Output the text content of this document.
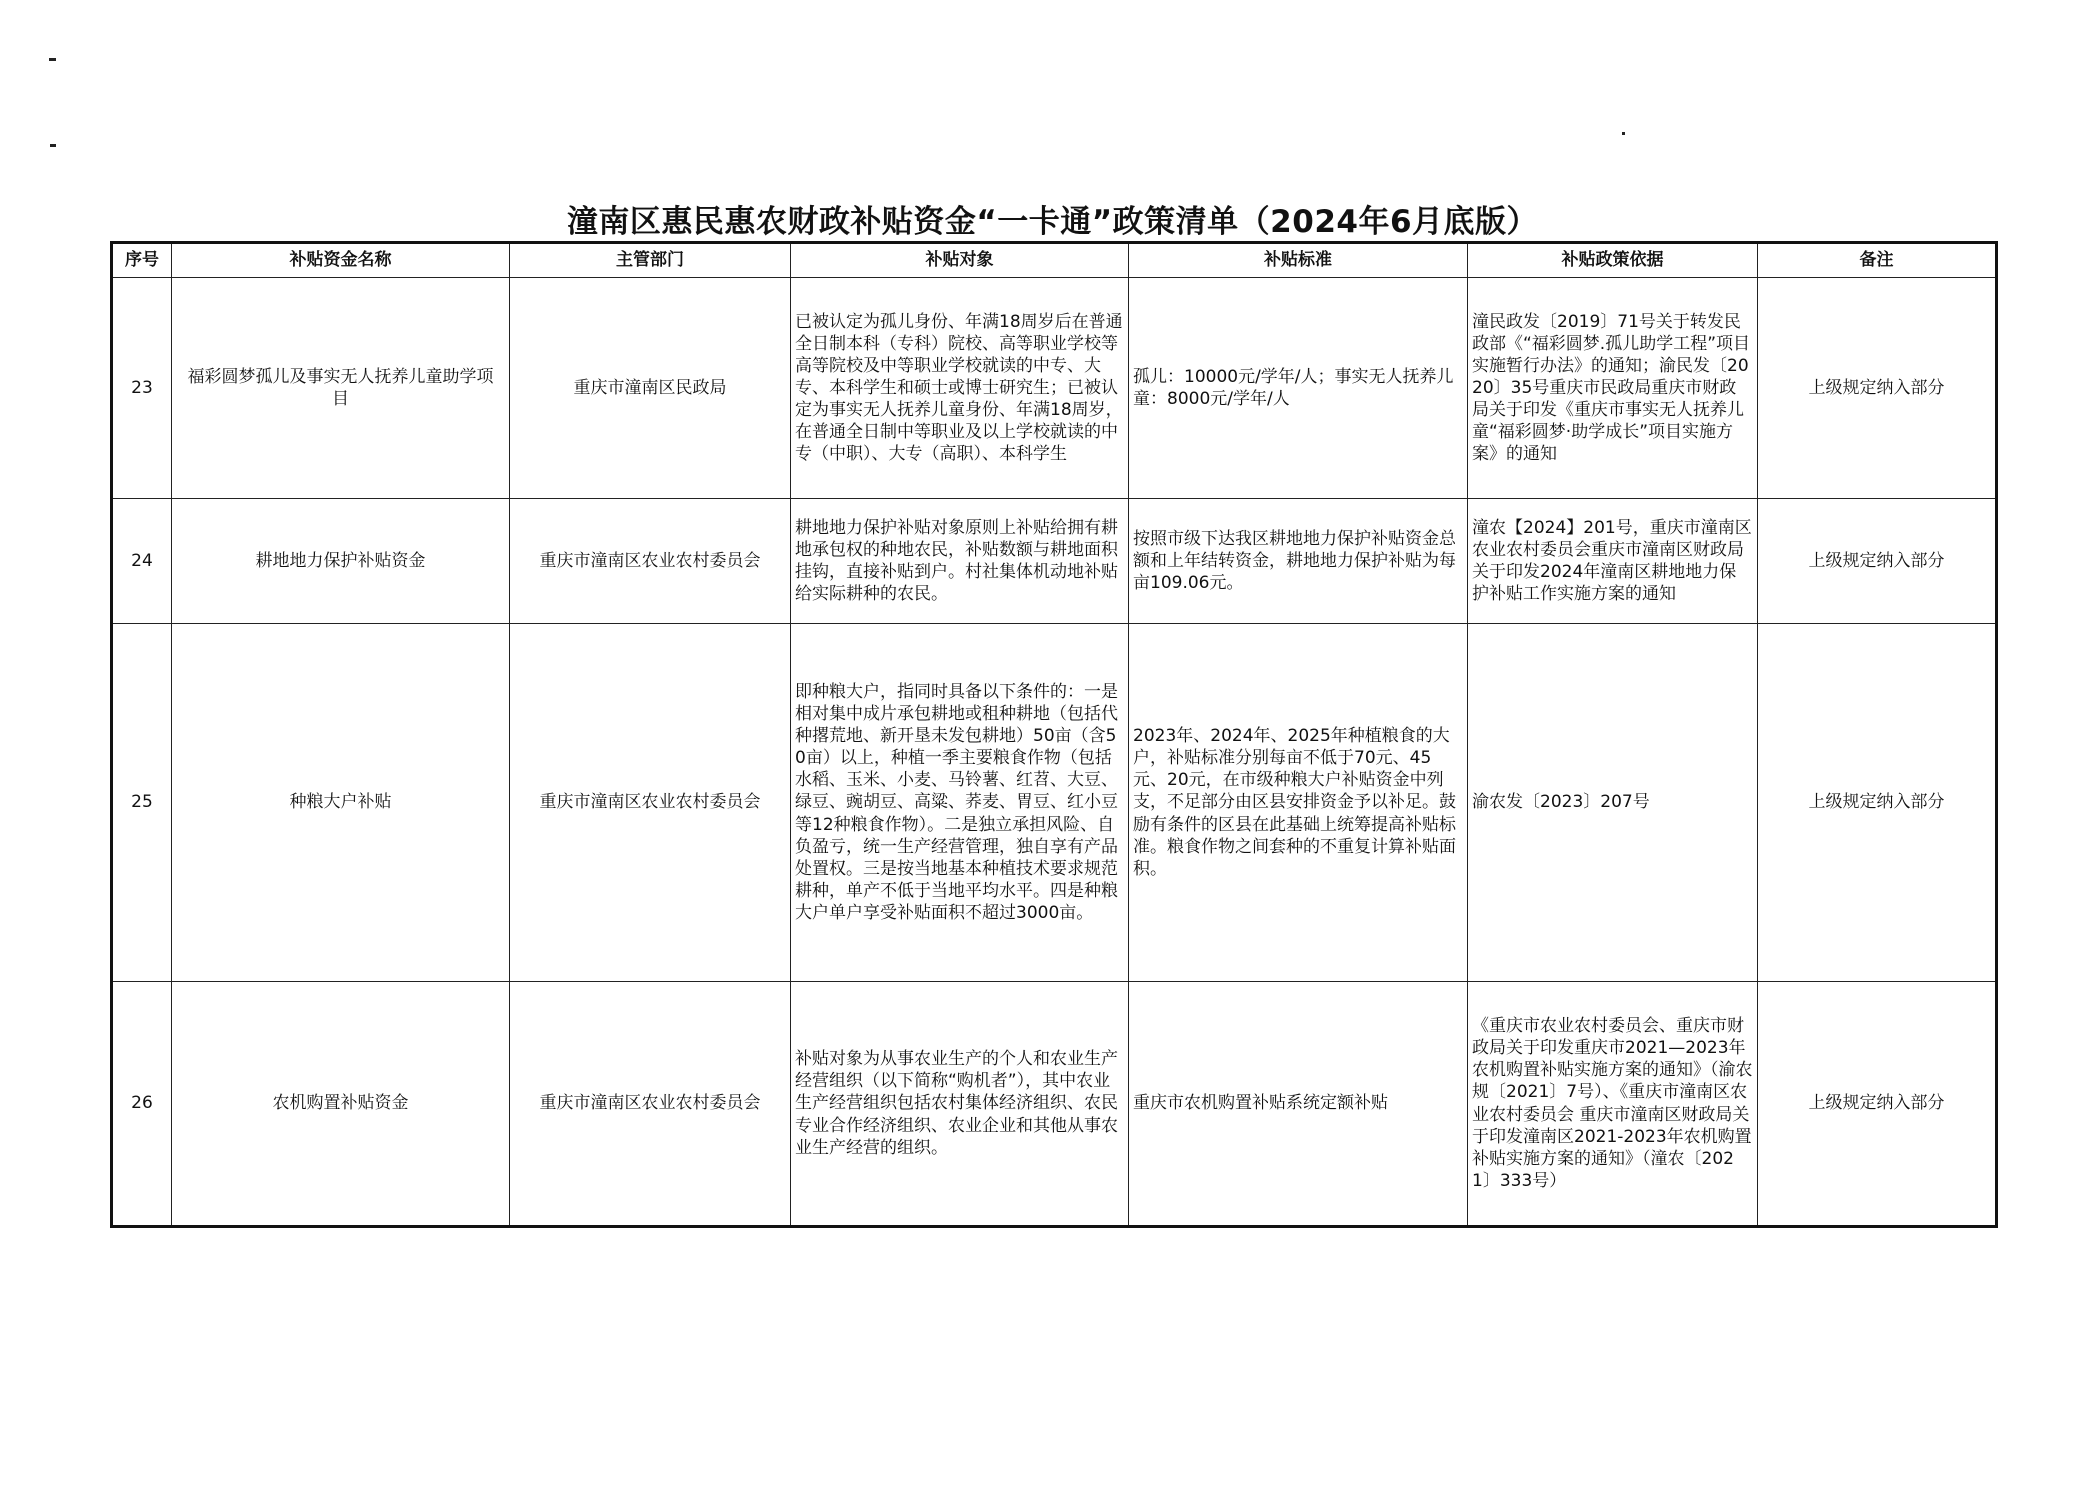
潼南区惠民惠农财政补贴资金“一卡通”政策清单（2024年6月底版）
序号	补贴资金名称	主管部门	补贴对象	补贴标准	补贴政策依据	备注
23	福彩圆梦孤儿及事实无人抚养儿童助学项目	重庆市潼南区民政局	已被认定为孤儿身份、年满18周岁后在普通全日制本科（专科）院校、高等职业学校等高等院校及中等职业学校就读的中专、大专、本科学生和硕士或博士研究生；已被认定为事实无人抚养儿童身份、年满18周岁，在普通全日制中等职业及以上学校就读的中专（中职）、大专（高职）、本科学生	孤儿：10000元/学年/人；事实无人抚养儿童：8000元/学年/人	潼民政发〔2019〕71号关于转发民政部《“福彩圆梦.孤儿助学工程”项目实施暂行办法》的通知；渝民发〔2020〕35号重庆市民政局重庆市财政局关于印发《重庆市事实无人抚养儿童“福彩圆梦·助学成长”项目实施方案》的通知	上级规定纳入部分
24	耕地地力保护补贴资金	重庆市潼南区农业农村委员会	耕地地力保护补贴对象原则上补贴给拥有耕地承包权的种地农民，补贴数额与耕地面积挂钩，直接补贴到户。村社集体机动地补贴给实际耕种的农民。	按照市级下达我区耕地地力保护补贴资金总额和上年结转资金，耕地地力保护补贴为每亩109.06元。	潼农【2024】201号，重庆市潼南区农业农村委员会重庆市潼南区财政局关于印发2024年潼南区耕地地力保护补贴工作实施方案的通知	上级规定纳入部分
25	种粮大户补贴	重庆市潼南区农业农村委员会	即种粮大户，指同时具备以下条件的：一是相对集中成片承包耕地或租种耕地（包括代种撂荒地、新开垦未发包耕地）50亩（含50亩）以上，种植一季主要粮食作物（包括水稻、玉米、小麦、马铃薯、红苕、大豆、绿豆、豌胡豆、高粱、荞麦、胃豆、红小豆等12种粮食作物）。二是独立承担风险、自负盈亏，统一生产经营管理，独自享有产品处置权。三是按当地基本种植技术要求规范耕种，单产不低于当地平均水平。四是种粮大户单户享受补贴面积不超过3000亩。	2023年、2024年、2025年种植粮食的大户，补贴标准分别每亩不低于70元、45元、20元，在市级种粮大户补贴资金中列支，不足部分由区县安排资金予以补足。鼓励有条件的区县在此基础上统筹提高补贴标准。粮食作物之间套种的不重复计算补贴面积。	渝农发〔2023〕207号	上级规定纳入部分
26	农机购置补贴资金	重庆市潼南区农业农村委员会	补贴对象为从事农业生产的个人和农业生产经营组织（以下简称“购机者”），其中农业生产经营组织包括农村集体经济组织、农民专业合作经济组织、农业企业和其他从事农业生产经营的组织。	重庆市农机购置补贴系统定额补贴	《重庆市农业农村委员会、重庆市财政局关于印发重庆市2021—2023年农机购置补贴实施方案的通知》（渝农规〔2021〕7号）、《重庆市潼南区农业农村委员会 重庆市潼南区财政局关于印发潼南区2021-2023年农机购置补贴实施方案的通知》（潼农〔2021〕333号）	上级规定纳入部分
